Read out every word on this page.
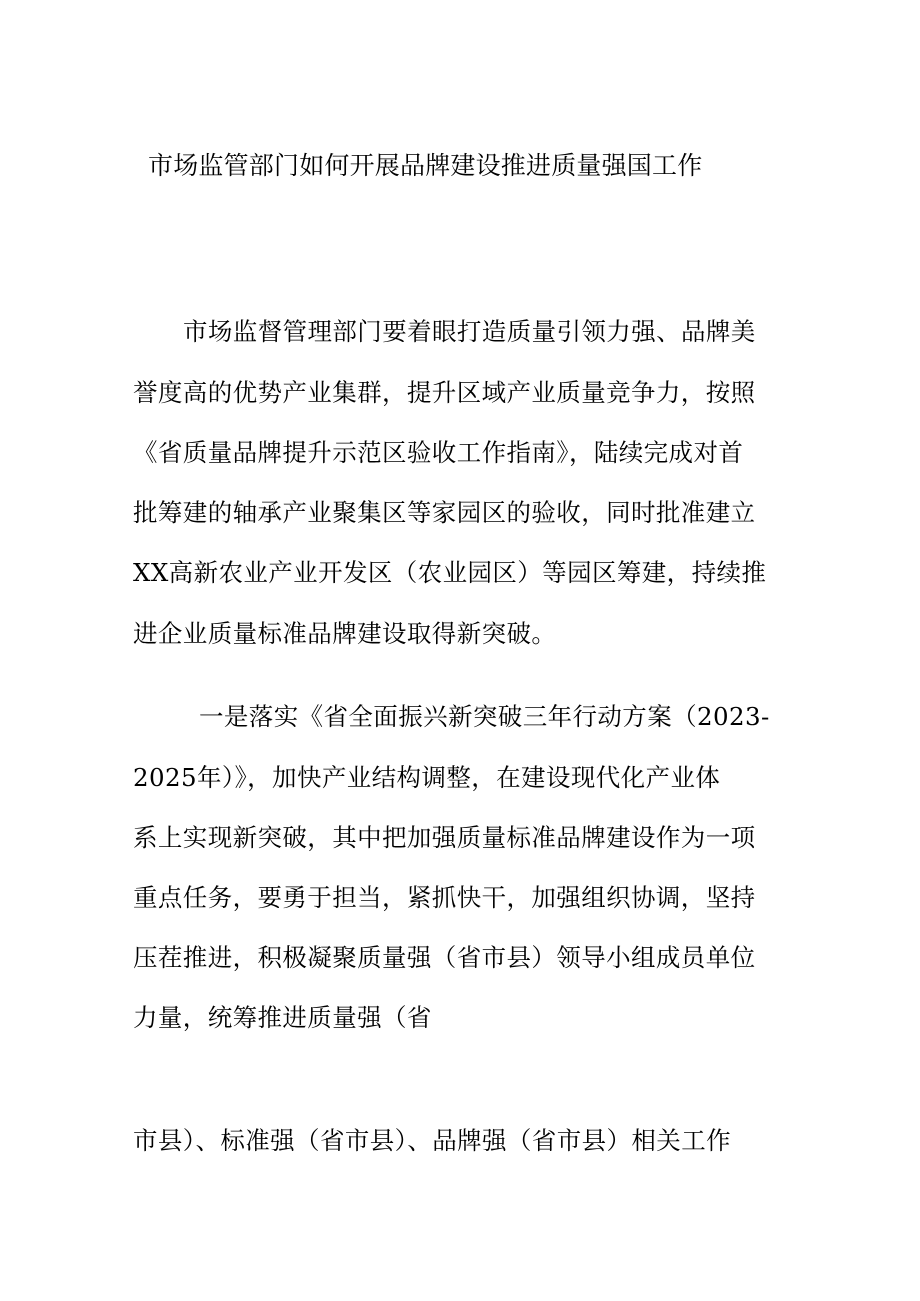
市场监管部门如何开展品牌建设推进质量强国工作
市场监督管理部门要着眼打造质量引领力强、品牌美
誉度高的优势产业集群，提升区域产业质量竞争力，按照
《省质量品牌提升示范区验收工作指南》，陆续完成对首
批筹建的轴承产业聚集区等家园区的验收，同时批准建立
XX高新农业产业开发区（农业园区）等园区筹建，持续推
进企业质量标准品牌建设取得新突破。
一是落实《省全面振兴新突破三年行动方案（2023-
2025年）》，加快产业结构调整，在建设现代化产业体
系上实现新突破，其中把加强质量标准品牌建设作为一项
重点任务，要勇于担当，紧抓快干，加强组织协调，坚持
压茬推进，积极凝聚质量强（省市县）领导小组成员单位
力量，统筹推进质量强（省
市县）、标准强（省市县）、品牌强（省市县）相关工作
